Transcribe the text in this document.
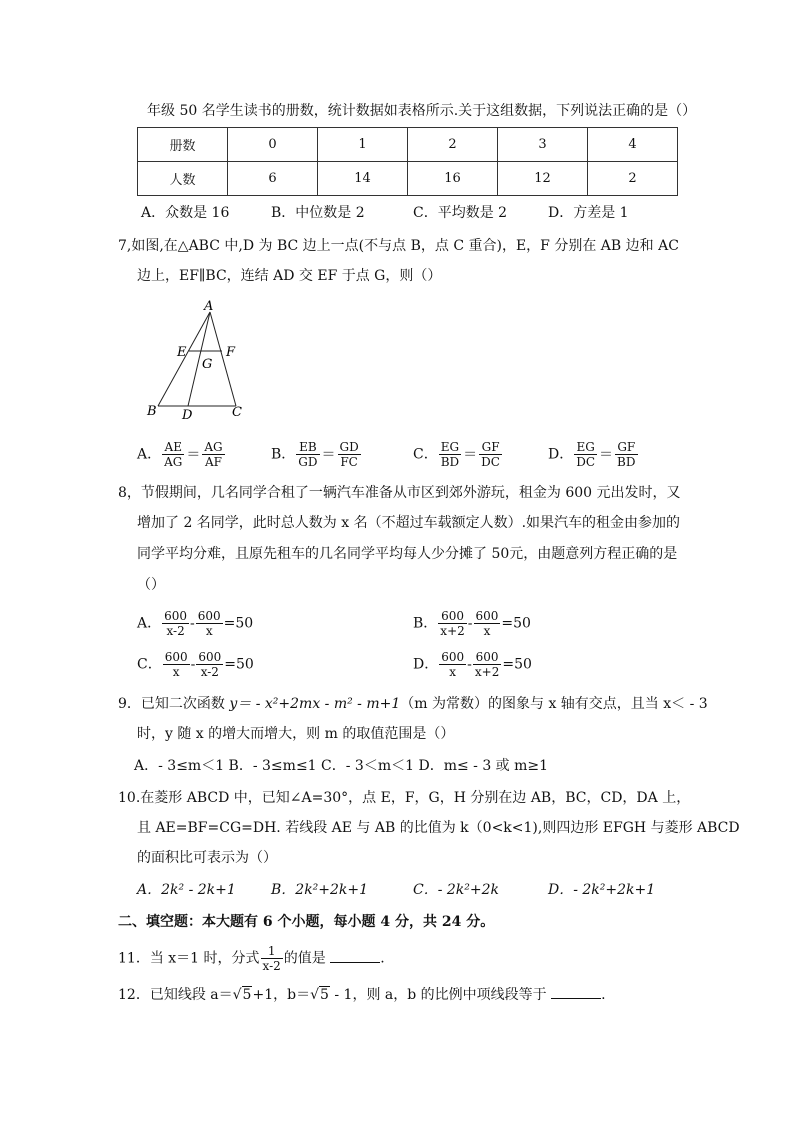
年级 50 名学生读书的册数，统计数据如表格所示.关于这组数据，下列说法正确的是（）
册数	0	1	2	3	4
人数	6	14	16	12	2
A．众数是 16	B．中位数是 2	C．平均数是 2	D．方差是 1
7,如图,在△ABC 中,D 为 BC 边上一点(不与点 B，点 C 重合)，E，F 分别在 AB 边和 AC
边上，EF∥BC，连结 AD 交 EF 于点 G，则（）
A
E	F
G
B D	C
A． $\frac{AE}{AG} = \frac{AG}{AF}$	B． $\frac{EB}{GD} = \frac{GD}{FC}$	C． $\frac{EG}{BD} = \frac{GF}{DC}$	D． $\frac{EG}{DC} = \frac{GF}{BD}$
8，节假期间，几名同学合租了一辆汽车准备从市区到郊外游玩，租金为 600 元出发时，又
增加了 2 名同学，此时总人数为 x 名（不超过车载额定人数）.如果汽车的租金由参加的
同学平均分难，且原先租车的几名同学平均每人少分摊了 50元，由题意列方程正确的是
（）
A． $\frac{600}{x-2} - \frac{600}{x} =50$	B． $\frac{600}{x+2} - \frac{600}{x} =50$
C． $\frac{600}{x} - \frac{600}{x-2} =50$	D． $\frac{600}{x} - \frac{600}{x+2} =50$
9．已知二次函数 y＝ - x²+2mx - m² - m+1（m 为常数）的图象与 x 轴有交点，且当 x＜ - 3
时，y 随 x 的增大而增大，则 m 的取值范围是（）
A．- 3≤m＜1 B．- 3≤m≤1 C．- 3＜m＜1 D．m≤ - 3 或 m≥1
10.在菱形 ABCD 中，已知∠A=30°，点 E，F，G，H 分别在边 AB，BC，CD，DA 上，
且 AE=BF=CG=DH. 若线段 AE 与 AB 的比值为 k（0<k<1),则四边形 EFGH 与菱形 ABCD
的面积比可表示为（）
A．2k² - 2k+1	B．2k²+2k+1	C．- 2k²+2k	D．- 2k²+2k+1
二、填空题：本大题有 6 个小题，每小题 4 分，共 24 分。
11．当 x＝1 时，分式 $\frac{1}{x-2}$ 的值是	.
12．已知线段 a＝√5+1，b＝√5 - 1，则 a，b 的比例中项线段等于	.
